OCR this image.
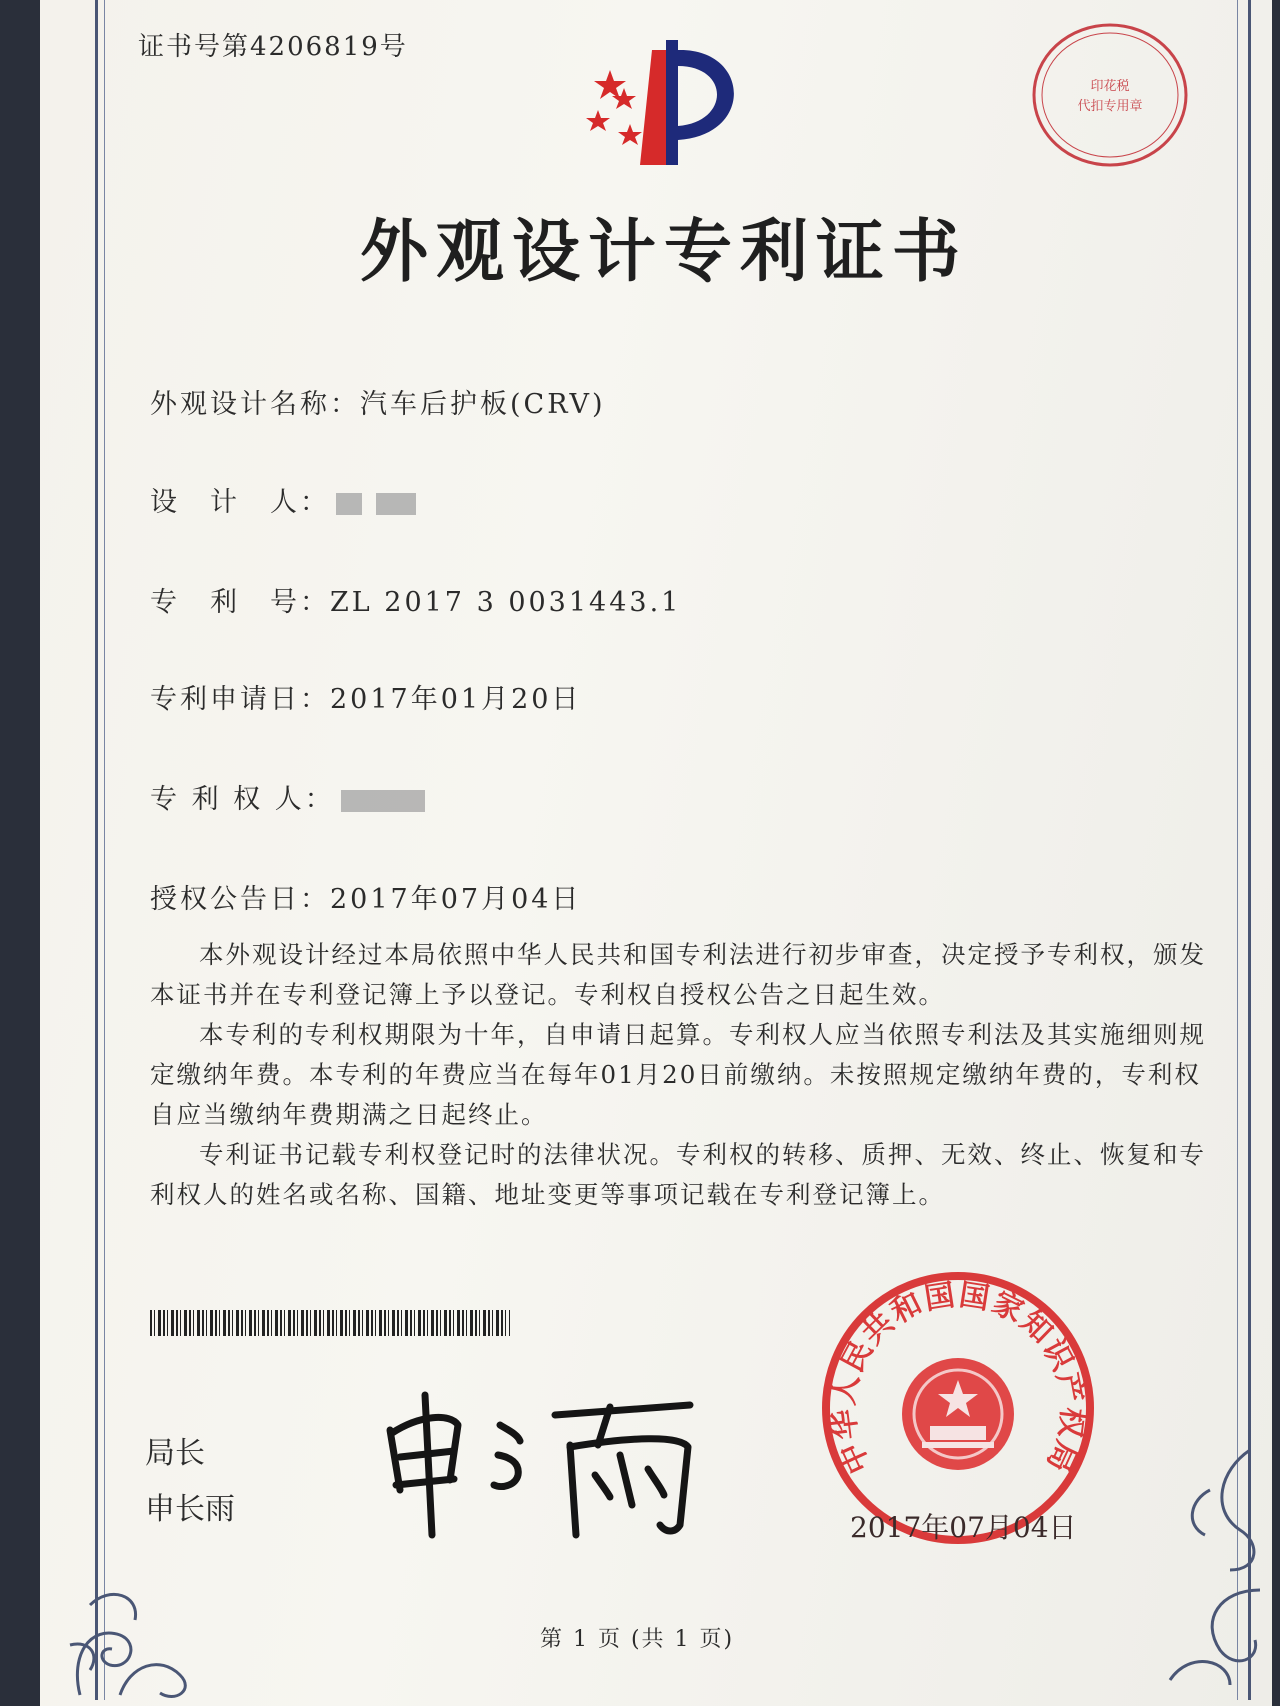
证书号第4206819号
印花税
代扣专用章
外观设计专利证书
外观设计名称：汽车后护板(CRV)
设　计　人：
专　利　号：ZL 2017 3 0031443.1
专利申请日：2017年01月20日
专 利 权 人：
授权公告日：2017年07月04日

本外观设计经过本局依照中华人民共和国专利法进行初步审查，决定授予专利权，颁发本证书并在专利登记簿上予以登记。专利权自授权公告之日起生效。

本专利的专利权期限为十年，自申请日起算。专利权人应当依照专利法及其实施细则规定缴纳年费。本专利的年费应当在每年01月20日前缴纳。未按照规定缴纳年费的，专利权自应当缴纳年费期满之日起终止。

专利证书记载专利权登记时的法律状况。专利权的转移、质押、无效、终止、恢复和专利权人的姓名或名称、国籍、地址变更等事项记载在专利登记簿上。

局长
申长雨
中华人民共和国国家知识产权局
2017年07月04日
第 1 页 (共 1 页)
